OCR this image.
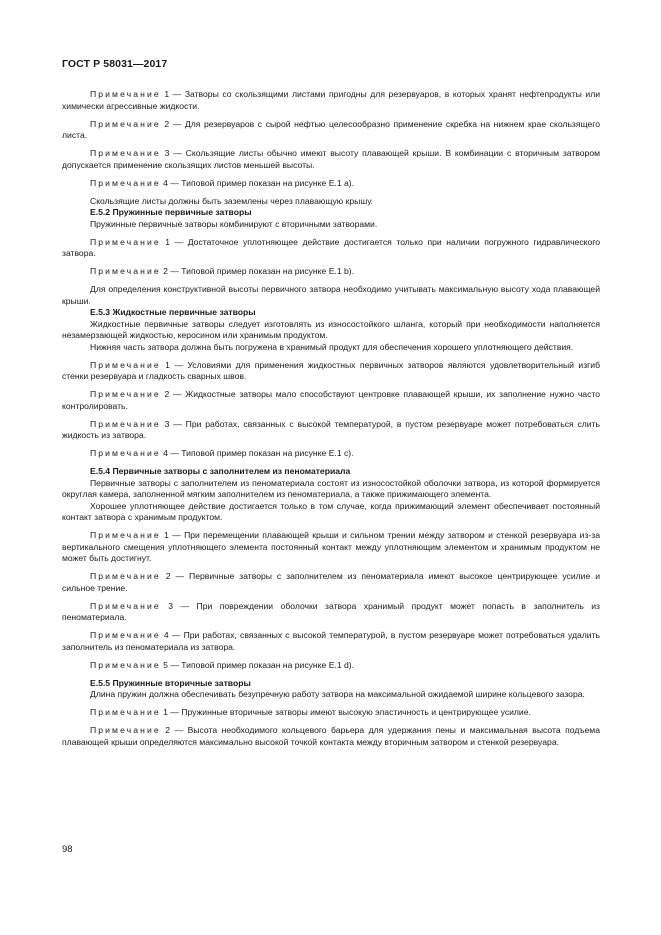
ГОСТ Р 58031—2017

Примечание 1 — Затворы со скользящими листами пригодны для резервуаров, в которых хранят нефтепродукты или химически агрессивные жидкости.

Примечание 2 — Для резервуаров с сырой нефтью целесообразно применение скребка на нижнем крае скользящего листа.

Примечание 3 — Скользящие листы обычно имеют высоту плавающей крыши. В комбинации с вторичным затвором допускается применение скользящих листов меньшей высоты.

Примечание 4 — Типовой пример показан на рисунке Е.1 а).

Скользящие листы должны быть заземлены через плавающую крышу.

Е.5.2 Пружинные первичные затворы

Пружинные первичные затворы комбинируют с вторичными затворами.

Примечание 1 — Достаточное уплотняющее действие достигается только при наличии погружного гидравлического затвора.

Примечание 2 — Типовой пример показан на рисунке Е.1 b).

Для определения конструктивной высоты первичного затвора необходимо учитывать максимальную высоту хода плавающей крыши.

Е.5.3 Жидкостные первичные затворы

Жидкостные первичные затворы следует изготовлять из износостойкого шланга, который при необходимости наполняется незамерзающей жидкостью, керосином или хранимым продуктом.

Нижняя часть затвора должна быть погружена в хранимый продукт для обеспечения хорошего уплотняющего действия.

Примечание 1 — Условиями для применения жидкостных первичных затворов являются удовлетворительный изгиб стенки резервуара и гладкость сварных швов.

Примечание 2 — Жидкостные затворы мало способствуют центровке плавающей крыши, их заполнение нужно часто контролировать.

Примечание 3 — При работах, связанных с высокой температурой, в пустом резервуаре может потребоваться слить жидкость из затвора.

Примечание 4 — Типовой пример показан на рисунке Е.1 с).

Е.5.4 Первичные затворы с заполнителем из пеноматериала

Первичные затворы с заполнителем из пеноматериала состоят из износостойкой оболочки затвора, из которой формируется округлая камера, заполненной мягким заполнителем из пеноматериала, а также прижимающего элемента.

Хорошее уплотняющее действие достигается только в том случае, когда прижимающий элемент обеспечивает постоянный контакт затвора с хранимым продуктом.

Примечание 1 — При перемещении плавающей крыши и сильном трении между затвором и стенкой резервуара из-за вертикального смещения уплотняющего элемента постоянный контакт между уплотняющим элементом и хранимым продуктом не может быть достигнут.

Примечание 2 — Первичные затворы с заполнителем из пеноматериала имеют высокое центрирующее усилие и сильное трение.

Примечание 3 — При повреждении оболочки затвора хранимый продукт может попасть в заполнитель из пеноматериала.

Примечание 4 — При работах, связанных с высокой температурой, в пустом резервуаре может потребоваться удалить заполнитель из пеноматериала из затвора.

Примечание 5 — Типовой пример показан на рисунке Е.1 d).

Е.5.5 Пружинные вторичные затворы

Длина пружин должна обеспечивать безупречную работу затвора на максимальной ожидаемой ширине кольцевого зазора.

Примечание 1 — Пружинные вторичные затворы имеют высокую эластичность и центрирующее усилие.

Примечание 2 — Высота необходимого кольцевого барьера для удержания пены и максимальная высота подъема плавающей крыши определяются максимально высокой точкой контакта между вторичным затвором и стенкой резервуара.

98
